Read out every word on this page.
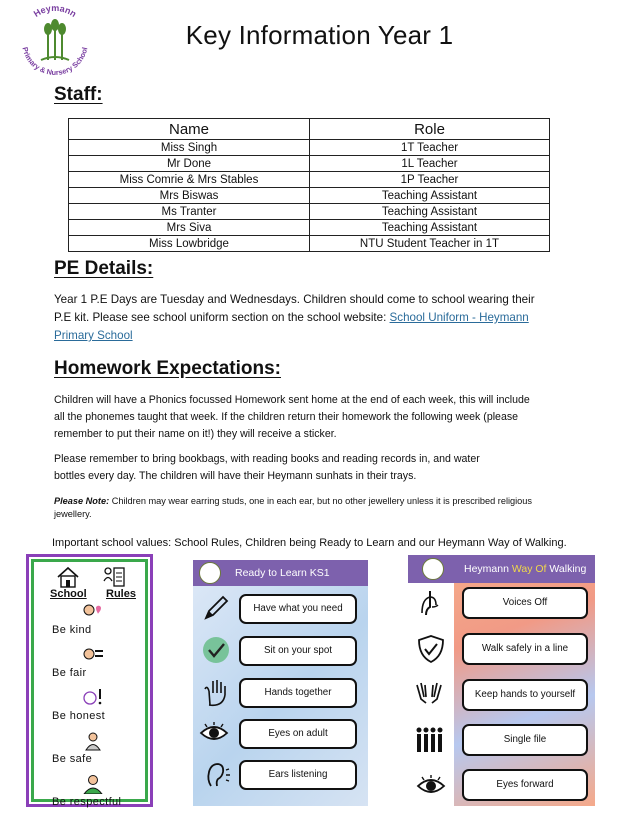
Heymann
Primary & Nursery School	Key Information Year 1
Staff:
Name	Role
Miss Singh	1T Teacher
Mr Done	1L Teacher
Miss Comrie & Mrs Stables	1P Teacher
Mrs Biswas	Teaching Assistant
Ms Tranter	Teaching Assistant
Mrs Siva	Teaching Assistant
Miss Lowbridge	NTU Student Teacher in 1T
PE Details:
Year 1 P.E Days are Tuesday and Wednesdays. Children should come to school wearing their P.E kit. Please see school uniform section on the school website: School Uniform - Heymann Primary School
Homework Expectations:
Children will have a Phonics focussed Homework sent home at the end of each week, this will include all the phonemes taught that week. If the children return their homework the following week (please remember to put their name on it!) they will receive a sticker.
Please remember to bring bookbags, with reading books and reading records in, and water bottles every day. The children will have their Heymann sunhats in their trays.
Please Note: Children may wear earring studs, one in each ear, but no other jewellery unless it is prescribed religious jewellery.
Important school values: School Rules, Children being Ready to Learn and our Heymann Way of Walking.
School Rules
Be kind
Be fair
Be honest
Be safe
Be respectful
Ready to Learn KS1
Have what you need
Sit on your spot
Hands together
Eyes on adult
Ears listening
Heymann Way Of Walking
Voices Off
Walk safely in a line
Keep hands to yourself
Single file
Eyes forward
